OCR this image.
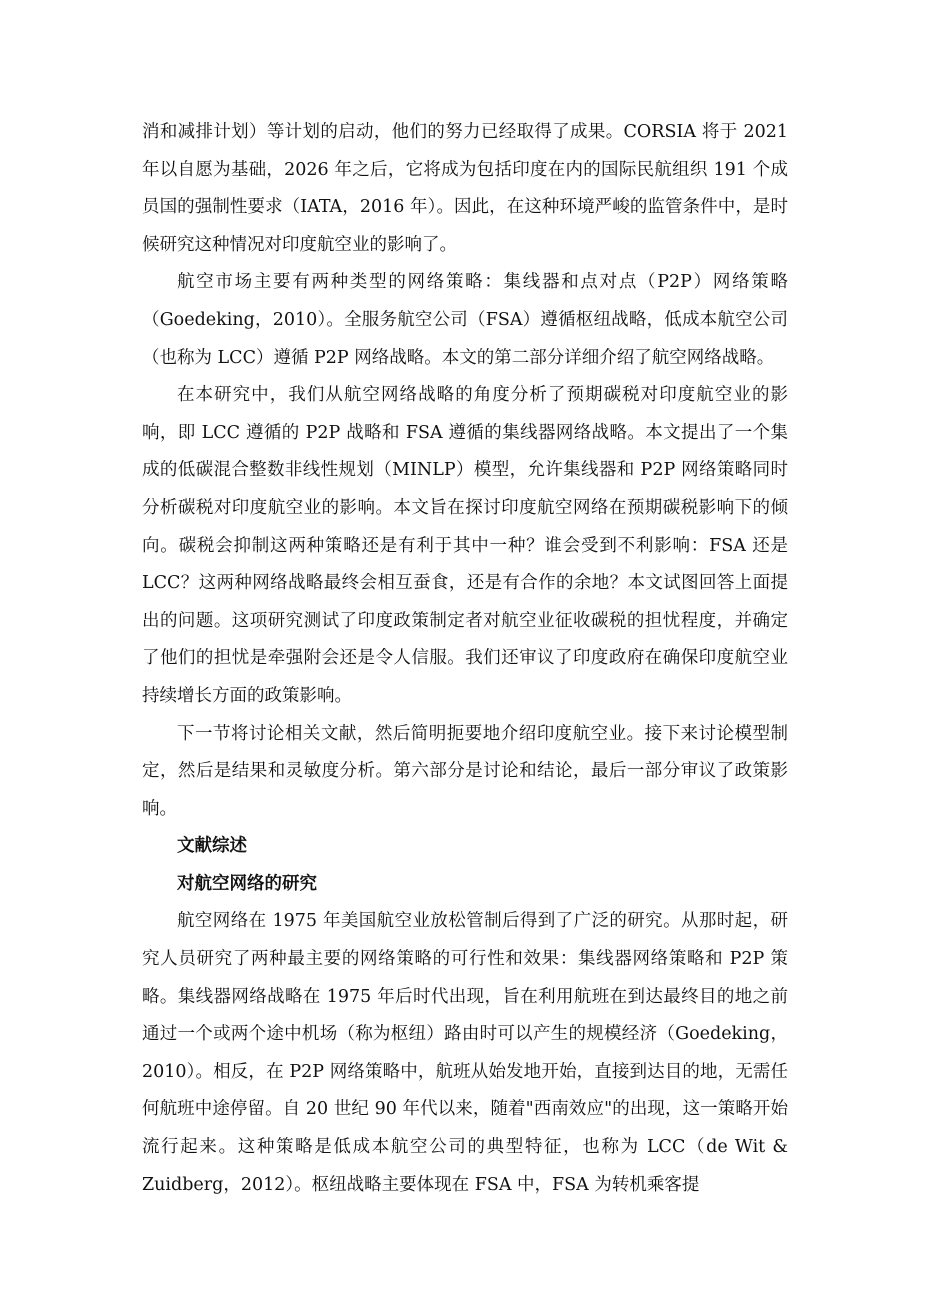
消和减排计划）等计划的启动，他们的努力已经取得了成果。CORSIA 将于 2021 年以自愿为基础，2026 年之后，它将成为包括印度在内的国际民航组织 191 个成员国的强制性要求（IATA，2016 年）。因此，在这种环境严峻的监管条件中，是时候研究这种情况对印度航空业的影响了。

航空市场主要有两种类型的网络策略：集线器和点对点（P2P）网络策略（Goedeking，2010）。全服务航空公司（FSA）遵循枢纽战略，低成本航空公司（也称为 LCC）遵循 P2P 网络战略。本文的第二部分详细介绍了航空网络战略。

在本研究中，我们从航空网络战略的角度分析了预期碳税对印度航空业的影响，即 LCC 遵循的 P2P 战略和 FSA 遵循的集线器网络战略。本文提出了一个集成的低碳混合整数非线性规划（MINLP）模型，允许集线器和 P2P 网络策略同时分析碳税对印度航空业的影响。本文旨在探讨印度航空网络在预期碳税影响下的倾向。碳税会抑制这两种策略还是有利于其中一种？谁会受到不利影响：FSA 还是 LCC？这两种网络战略最终会相互蚕食，还是有合作的余地？本文试图回答上面提出的问题。这项研究测试了印度政策制定者对航空业征收碳税的担忧程度，并确定了他们的担忧是牵强附会还是令人信服。我们还审议了印度政府在确保印度航空业持续增长方面的政策影响。

下一节将讨论相关文献，然后简明扼要地介绍印度航空业。接下来讨论模型制定，然后是结果和灵敏度分析。第六部分是讨论和结论，最后一部分审议了政策影响。

文献综述
对航空网络的研究

航空网络在 1975 年美国航空业放松管制后得到了广泛的研究。从那时起，研究人员研究了两种最主要的网络策略的可行性和效果：集线器网络策略和 P2P 策略。集线器网络战略在 1975 年后时代出现，旨在利用航班在到达最终目的地之前通过一个或两个途中机场（称为枢纽）路由时可以产生的规模经济（Goedeking，2010）。相反，在 P2P 网络策略中，航班从始发地开始，直接到达目的地，无需任何航班中途停留。自 20 世纪 90 年代以来，随着"西南效应"的出现，这一策略开始流行起来。这种策略是低成本航空公司的典型特征，也称为 LCC（de Wit & Zuidberg，2012）。枢纽战略主要体现在 FSA 中，FSA 为转机乘客提
